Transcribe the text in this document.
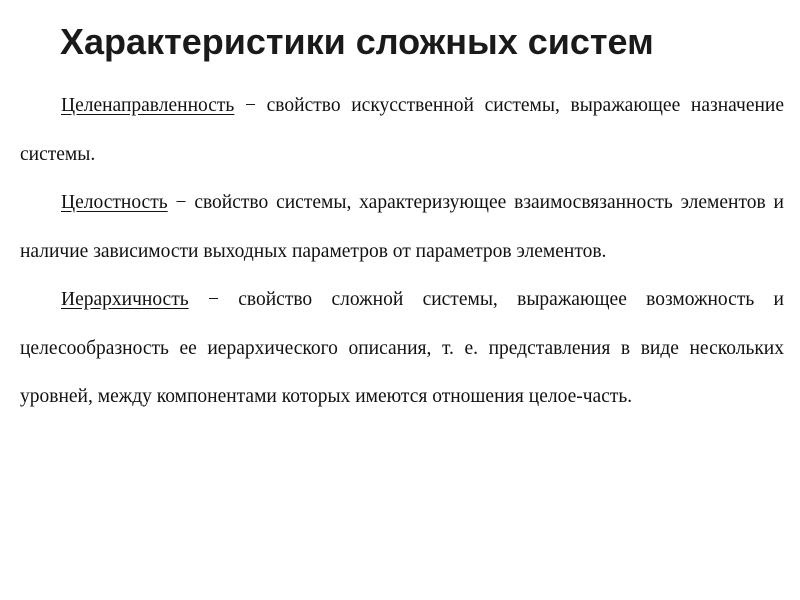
Характеристики сложных систем

Целенаправленность − свойство искусственной системы, выражающее назначение системы.

Целостность − свойство системы, характеризующее взаимосвязанность элементов и наличие зависимости выходных параметров от параметров элементов.

Иерархичность − свойство сложной системы, выражающее возможность и целесообразность ее иерархического описания, т. е. представления в виде нескольких уровней, между компонентами которых имеются отношения целое-часть.
